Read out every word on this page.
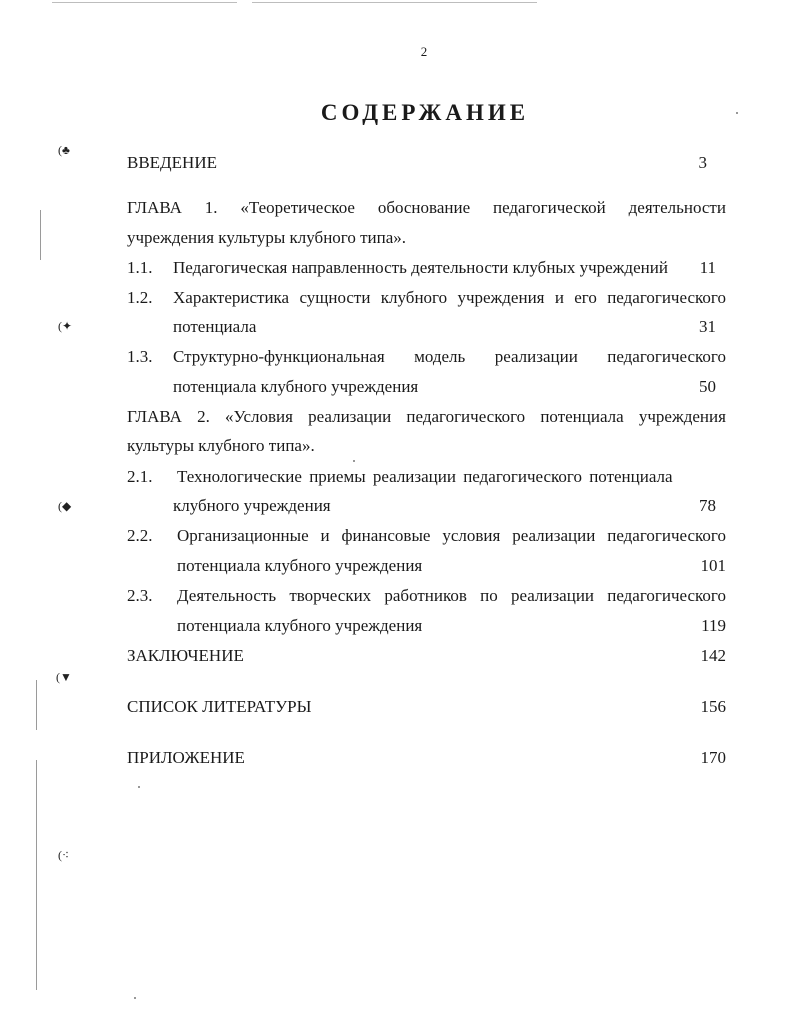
(♣
(✦
(◆
(▼
(⁖
2
СОДЕРЖАНИЕ
ВВЕДЕНИЕ	3
ГЛАВА 1. «Теоретическое обоснование педагогической деятельности
учреждения культуры клубного типа».
1.1. Педагогическая направленность деятельности клубных учреждений 11
1.2. Характеристика сущности клубного учреждения и его педагогического
потенциала	31
1.3. Структурно-функциональная модель реализации педагогического
потенциала клубного учреждения	50
ГЛАВА 2. «Условия реализации педагогического потенциала учреждения
культуры клубного типа».
2.1. Технологические приемы реализации педагогического потенциала
клубного учреждения	78
2.2. Организационные и финансовые условия реализации педагогического
потенциала клубного учреждения	101
2.3. Деятельность творческих работников по реализации педагогического
потенциала клубного учреждения	119
ЗАКЛЮЧЕНИЕ	142
СПИСОК ЛИТЕРАТУРЫ	156
ПРИЛОЖЕНИЕ	170
